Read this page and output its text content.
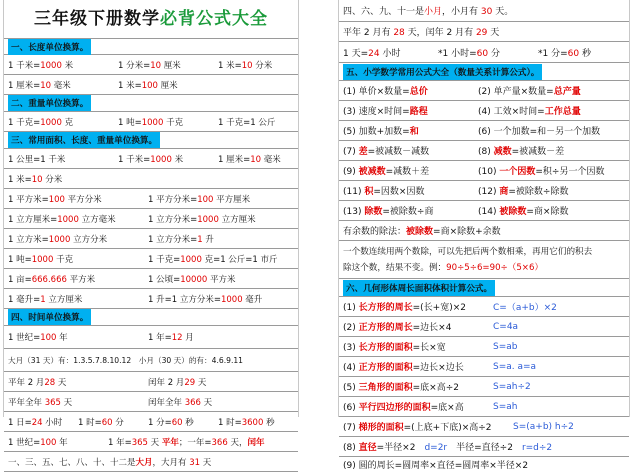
三年级下册数学必背公式大全
一、长度单位换算。
1 千米=1000 米	1 分米=10 厘米	1 米=10 分米
1 厘米=10 毫米	1 米=100 厘米
二、重量单位换算。
1 千克=1000 克	1 吨=1000 千克	1 千克=1 公斤
三、常用面积、长度、重量单位换算。
1 公里=1 千米	1 千米=1000 米	1 厘米=10 毫米
1 米=10 分米
1 平方米=100 平方分米	1 平方分米=100 平方厘米
1 立方厘米=1000 立方毫米	1 立方分米=1000 立方厘米
1 立方米=1000 立方分米	1 立方分米=1 升
1 吨=1000 千克	1 千克=1000 克=1 公斤=1 市斤
1 亩=666.666 平方米	1 公顷=10000 平方米
1 毫升=1 立方厘米	1 升=1 立方分米=1000 毫升
四、时间单位换算。
1 世纪=100 年	1 年=12 月
大月（31 天）有：1.3.5.7.8.10.12　小月（30 天）的有：4.6.9.11
平年 2 月28 天	闰年 2 月29 天
平年全年 365 天	闰年全年 366 天
1 日=24 小时	1 时=60 分	1 分=60 秒	1 时=3600 秒
1 世纪=100 年	1 年=365 天 平年；一年=366 天，闰年
一、三、五、七、八、十、十二是大月，大月有 31 天
四、六、九、十一是小月，小月有 30 天。
平年 2 月有 28 天，闰年 2 月有 29 天
1 天=24 小时	*1 小时=60 分	*1 分=60 秒
五、小学数学常用公式大全（数量关系计算公式）。
(1) 单价×数量=总价	(2) 单产量×数量=总产量
(3) 速度×时间=路程	(4) 工效×时间=工作总量
(5) 加数+加数=和	(6) 一个加数=和－另一个加数
(7) 差=被减数－减数	(8) 减数=被减数－差
(9) 被减数=减数＋差	(10) 一个因数=积÷另一个因数
(11) 积=因数×因数	(12) 商=被除数÷除数
(13) 除数=被除数÷商	(14) 被除数=商×除数
有余数的除法：被除数=商×除数+余数
一个数连续用两个数除，可以先把后两个数相乘，再用它们的积去
除这个数，结果不变。例：90÷5÷6=90÷（5×6）
六、几何形体周长面积体积计算公式。
(1) 长方形的周长=(长+宽)×2	C=（a+b）×2
(2) 正方形的周长=边长×4	C=4a
(3) 长方形的面积=长×宽	S=ab
(4) 正方形的面积=边长×边长	S=a. a=a
(5) 三角形的面积=底×高÷2	S=ah÷2
(6) 平行四边形的面积=底×高	S=ah
(7) 梯形的面积=(上底+下底)×高÷2	S=(a+b) h÷2
(8) 直径=半径×2　d=2r　半径=直径÷2　r=d÷2
(9) 圆的周长=圆周率×直径=圆周率×半径×2
